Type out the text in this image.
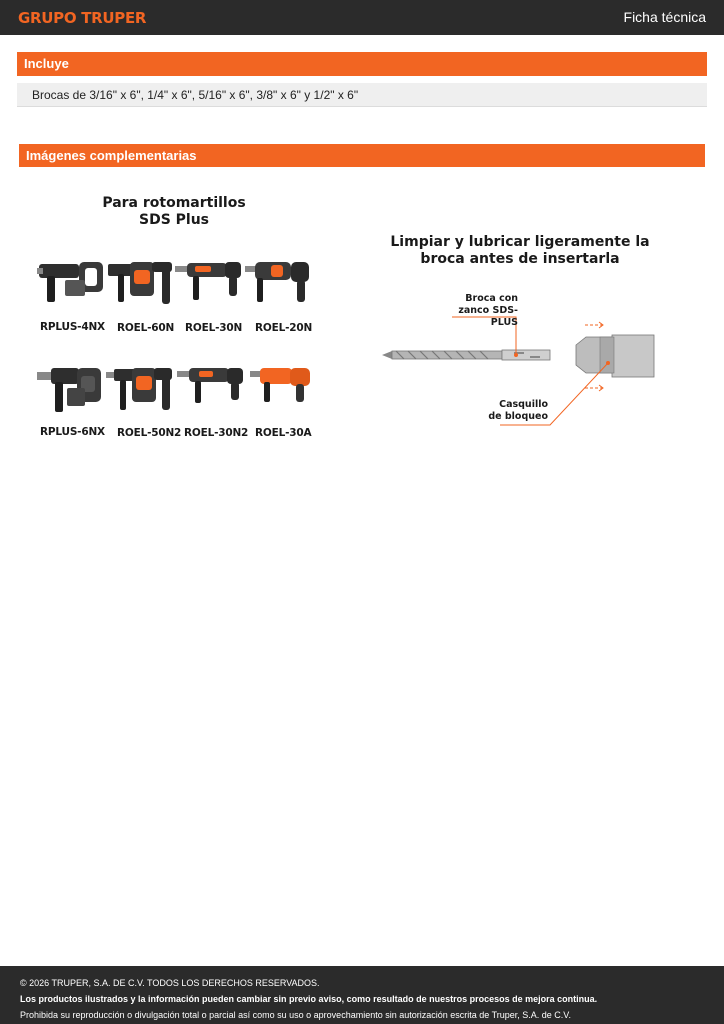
GRUPO TRUPER	Ficha técnica
Incluye
Brocas de 3/16" x 6", 1/4" x 6", 5/16" x 6", 3/8" x 6" y 1/2" x 6"
Imágenes complementarias
Para rotomartillos
SDS Plus
RPLUS-4NX ROEL-60N ROEL-30N ROEL-20N
RPLUS-6NX ROEL-50N2 ROEL-30N2 ROEL-30A
Limpiar y lubricar ligeramente la
broca antes de insertarla
Broca con
zanco SDS-PLUS
Casquillo
de bloqueo
© 2026 TRUPER, S.A. DE C.V. TODOS LOS DERECHOS RESERVADOS.
Los productos ilustrados y la información pueden cambiar sin previo aviso, como resultado de nuestros procesos de mejora continua.
Prohibida su reproducción o divulgación total o parcial así como su uso o aprovechamiento sin autorización escrita de Truper, S.A. de C.V.
